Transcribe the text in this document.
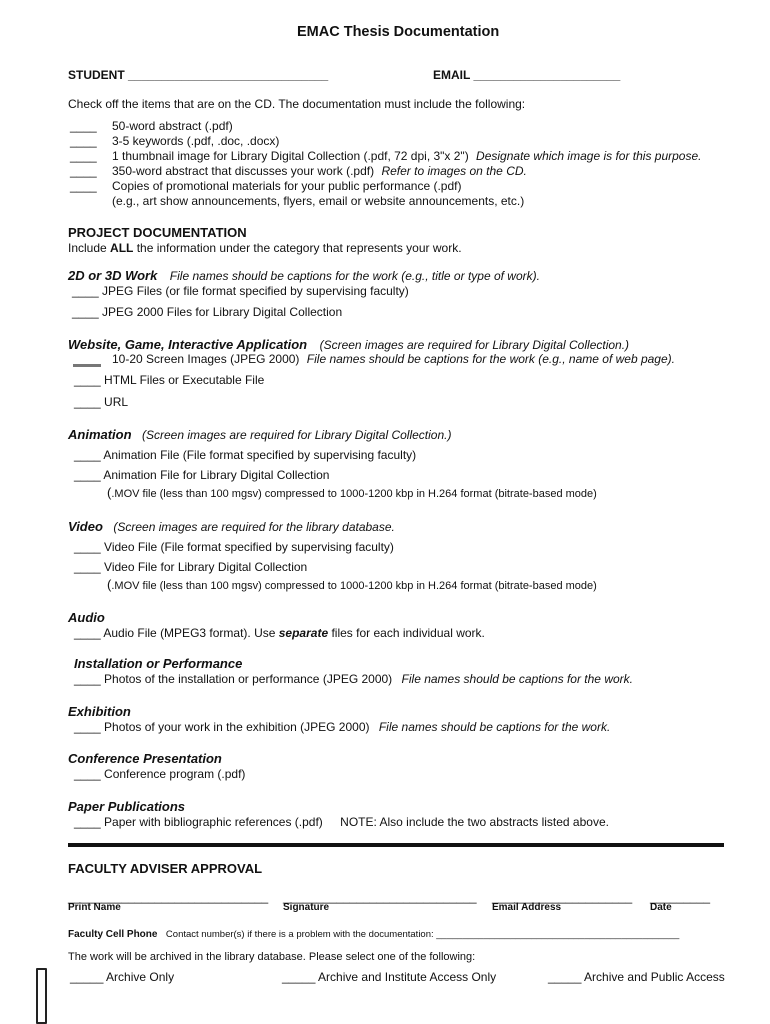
EMAC Thesis Documentation
STUDENT ______________________________	EMAIL ______________________
Check off the items that are on the CD. The documentation must include the following:
____ 50-word abstract (.pdf)
____ 3-5 keywords (.pdf, .doc, .docx)
____ 1 thumbnail image for Library Digital Collection (.pdf, 72 dpi, 3"x 2") Designate which image is for this purpose.
____ 350-word abstract that discusses your work (.pdf) Refer to images on the CD.
____ Copies of promotional materials for your public performance (.pdf)
(e.g., art show announcements, flyers, email or website announcements, etc.)
PROJECT DOCUMENTATION
Include ALL the information under the category that represents your work.
2D or 3D Work File names should be captions for the work (e.g., title or type of work).
____ JPEG Files (or file format specified by supervising faculty)
____ JPEG 2000 Files for Library Digital Collection
Website, Game, Interactive Application (Screen images are required for Library Digital Collection.)
10-20 Screen Images (JPEG 2000) File names should be captions for the work (e.g., name of web page).
____ HTML Files or Executable File
____ URL
Animation (Screen images are required for Library Digital Collection.)
____ Animation File (File format specified by supervising faculty)
____ Animation File for Library Digital Collection
(.MOV file (less than 100 mgsv) compressed to 1000-1200 kbp in H.264 format (bitrate-based mode)
Video (Screen images are required for the library database.
____ Video File (File format specified by supervising faculty)
____ Video File for Library Digital Collection
(.MOV file (less than 100 mgsv) compressed to 1000-1200 kbp in H.264 format (bitrate-based mode)
Audio
____ Audio File (MPEG3 format). Use separate files for each individual work.
Installation or Performance
____ Photos of the installation or performance (JPEG 2000) File names should be captions for the work.
Exhibition
____ Photos of your work in the exhibition (JPEG 2000) File names should be captions for the work.
Conference Presentation
____ Conference program (.pdf)
Paper Publications
____ Paper with bibliographic references (.pdf) NOTE: Also include the two abstracts listed above.
FACULTY ADVISER APPROVAL
______________________________ _____________________________ _____________________ _________
Print Name	Signature	Email Address	Date
Faculty Cell Phone Contact number(s) if there is a problem with the documentation: ______________________________________________
The work will be archived in the library database. Please select one of the following:
_____ Archive Only	_____ Archive and Institute Access Only	_____ Archive and Public Access
